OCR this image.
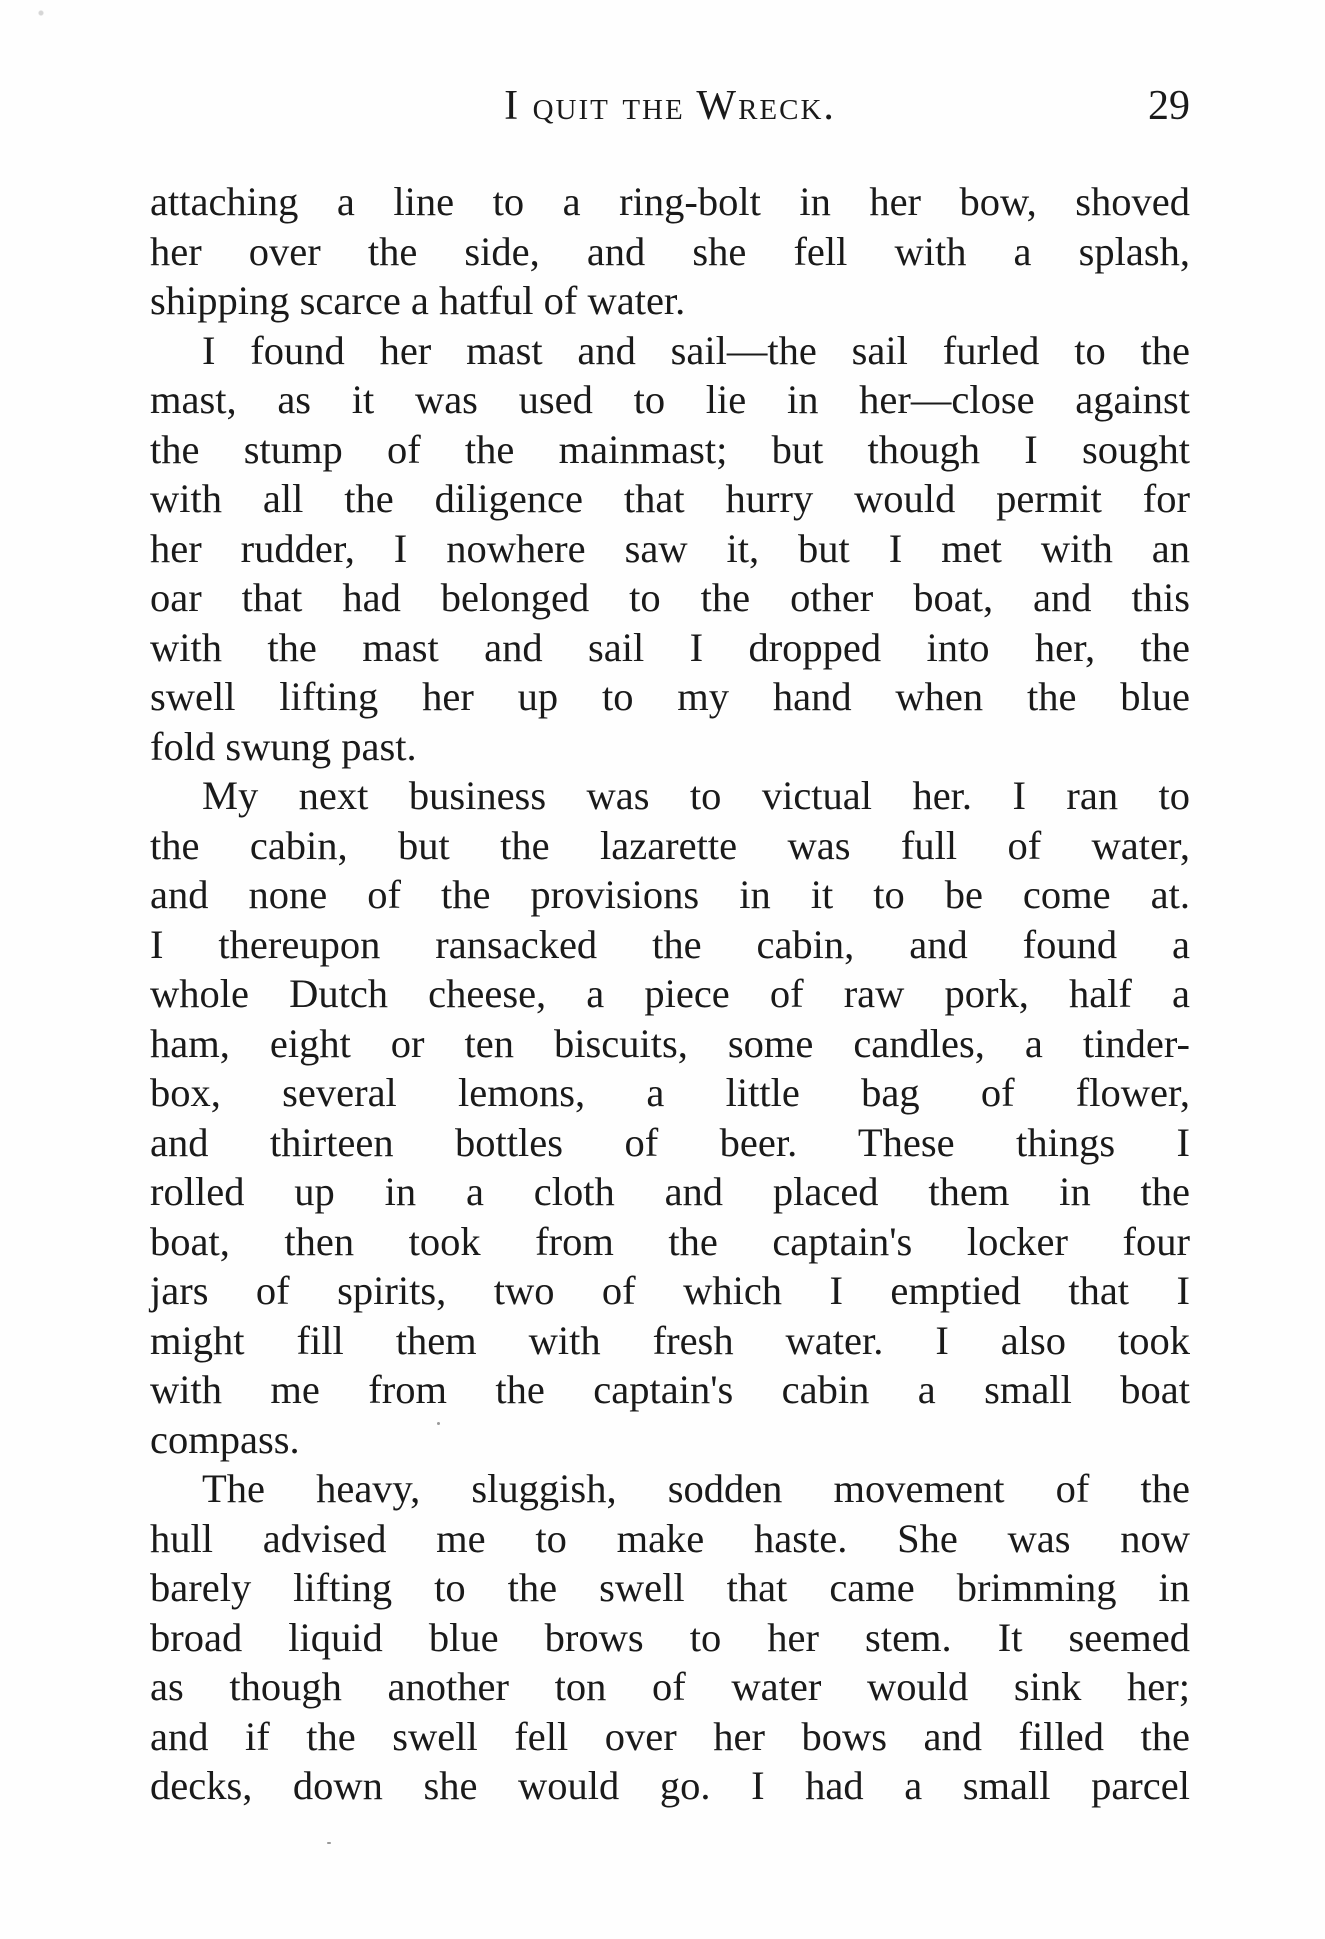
I quit the Wreck.	29
attaching a line to a ring-bolt in her bow, shoved
her over the side, and she fell with a splash,
shipping scarce a hatful of water.
I found her mast and sail—the sail furled to the
mast, as it was used to lie in her—close against
the stump of the mainmast; but though I sought
with all the diligence that hurry would permit for
her rudder, I nowhere saw it, but I met with an
oar that had belonged to the other boat, and this
with the mast and sail I dropped into her, the
swell lifting her up to my hand when the blue
fold swung past.
My next business was to victual her. I ran to
the cabin, but the lazarette was full of water,
and none of the provisions in it to be come at.
I thereupon ransacked the cabin, and found a
whole Dutch cheese, a piece of raw pork, half a
ham, eight or ten biscuits, some candles, a tinder-
box, several lemons, a little bag of flower,
and thirteen bottles of beer. These things I
rolled up in a cloth and placed them in the
boat, then took from the captain's locker four
jars of spirits, two of which I emptied that I
might fill them with fresh water. I also took
with me from the captain's cabin a small boat
compass.
The heavy, sluggish, sodden movement of the
hull advised me to make haste. She was now
barely lifting to the swell that came brimming in
broad liquid blue brows to her stem. It seemed
as though another ton of water would sink her;
and if the swell fell over her bows and filled the
decks, down she would go. I had a small parcel
